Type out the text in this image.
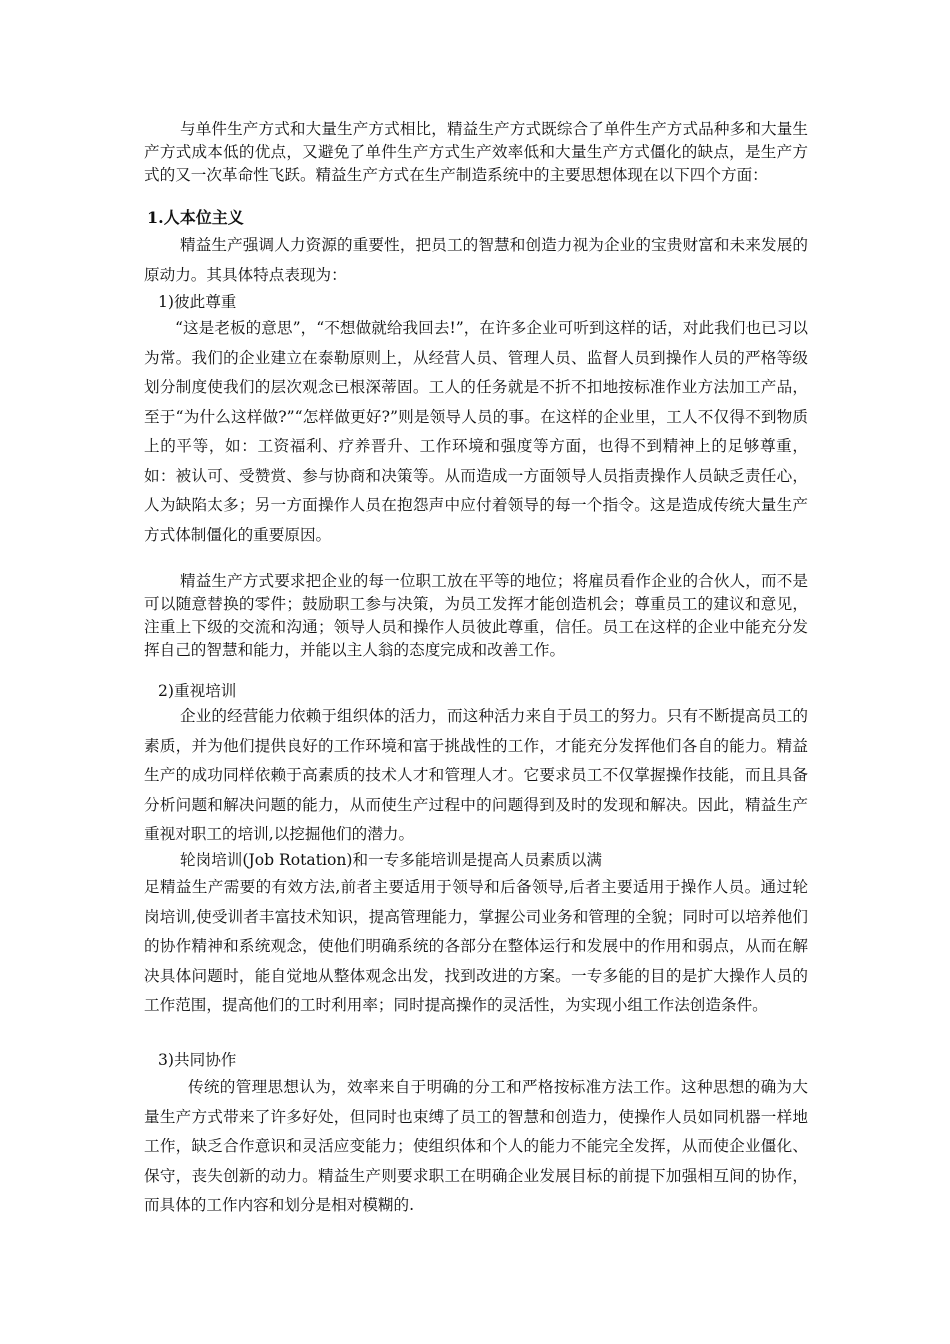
与单件生产方式和大量生产方式相比，精益生产方式既综合了单件生产方式品种多和大量生产方式成本低的优点，又避免了单件生产方式生产效率低和大量生产方式僵化的缺点，是生产方式的又一次革命性飞跃。精益生产方式在生产制造系统中的主要思想体现在以下四个方面：

1.人本位主义

精益生产强调人力资源的重要性，把员工的智慧和创造力视为企业的宝贵财富和未来发展的原动力。其具体特点表现为：

1)彼此尊重

“这是老板的意思”，“不想做就给我回去!”，在许多企业可听到这样的话，对此我们也已习以为常。我们的企业建立在泰勒原则上，从经营人员、管理人员、监督人员到操作人员的严格等级划分制度使我们的层次观念已根深蒂固。工人的任务就是不折不扣地按标准作业方法加工产品，至于“为什么这样做?”“怎样做更好?”则是领导人员的事。在这样的企业里，工人不仅得不到物质上的平等，如：工资福利、疗养晋升、工作环境和强度等方面，也得不到精神上的足够尊重，如：被认可、受赞赏、参与协商和决策等。从而造成一方面领导人员指责操作人员缺乏责任心，人为缺陷太多；另一方面操作人员在抱怨声中应付着领导的每一个指令。这是造成传统大量生产方式体制僵化的重要原因。

精益生产方式要求把企业的每一位职工放在平等的地位；将雇员看作企业的合伙人，而不是可以随意替换的零件；鼓励职工参与决策，为员工发挥才能创造机会；尊重员工的建议和意见，注重上下级的交流和沟通；领导人员和操作人员彼此尊重，信任。员工在这样的企业中能充分发挥自己的智慧和能力，并能以主人翁的态度完成和改善工作。

2)重视培训

企业的经营能力依赖于组织体的活力，而这种活力来自于员工的努力。只有不断提高员工的素质，并为他们提供良好的工作环境和富于挑战性的工作，才能充分发挥他们各自的能力。精益生产的成功同样依赖于高素质的技术人才和管理人才。它要求员工不仅掌握操作技能，而且具备分析问题和解决问题的能力，从而使生产过程中的问题得到及时的发现和解决。因此，精益生产重视对职工的培训,以挖掘他们的潜力。

轮岗培训(Job Rotation)和一专多能培训是提高人员素质以满

足精益生产需要的有效方法,前者主要适用于领导和后备领导,后者主要适用于操作人员。通过轮岗培训,使受训者丰富技术知识，提高管理能力，掌握公司业务和管理的全貌；同时可以培养他们的协作精神和系统观念，使他们明确系统的各部分在整体运行和发展中的作用和弱点，从而在解决具体问题时，能自觉地从整体观念出发，找到改进的方案。一专多能的目的是扩大操作人员的工作范围，提高他们的工时利用率；同时提高操作的灵活性，为实现小组工作法创造条件。

3)共同协作

传统的管理思想认为，效率来自于明确的分工和严格按标准方法工作。这种思想的确为大量生产方式带来了许多好处，但同时也束缚了员工的智慧和创造力，使操作人员如同机器一样地工作，缺乏合作意识和灵活应变能力；使组织体和个人的能力不能完全发挥，从而使企业僵化、保守，丧失创新的动力。精益生产则要求职工在明确企业发展目标的前提下加强相互间的协作，而具体的工作内容和划分是相对模糊的.
